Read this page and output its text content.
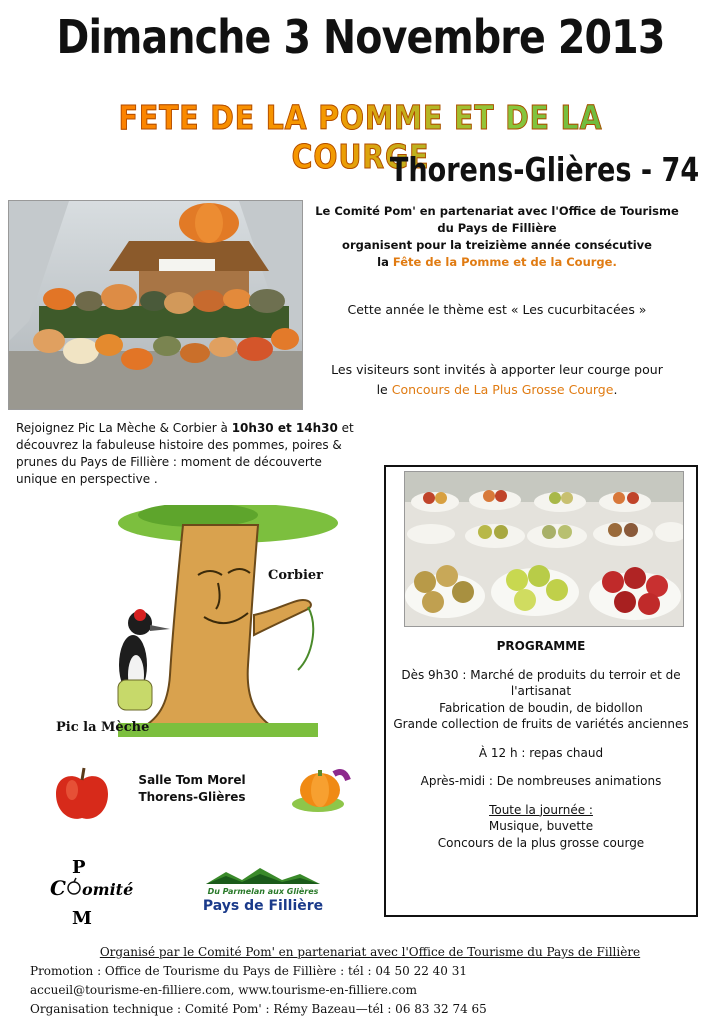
Dimanche 3 Novembre 2013
FETE DE LA POMME ET DE LA COURGE
Thorens-Glières - 74
Le Comité Pom' en partenariat avec l'Office de Tourisme du Pays de Fillière
organisent pour la treizième année consécutive
la Fête de la Pomme et de la Courge.
Cette année le thème est « Les cucurbitacées »
Les visiteurs sont invités à apporter leur courge pour
le Concours de La Plus Grosse Courge.
Rejoignez Pic La Mèche & Corbier à 10h30 et 14h30 et découvrez la fabuleuse histoire des pommes, poires & prunes du Pays de Fillière : moment de découverte unique en perspective .
Corbier
Pic la Mèche
Salle Tom Morel
Thorens-Glières
P
C omité
M
Du Parmelan aux Glières
Pays de Fillière
PROGRAMME
Dès 9h30 : Marché de produits du terroir et de l'artisanat
Fabrication de boudin, de bidollon
Grande collection de fruits de variétés anciennes
À 12 h : repas chaud
Après-midi : De nombreuses animations
Toute la journée :
Musique, buvette
Concours de la plus grosse courge
Organisé par le Comité Pom' en partenariat avec l'Office de Tourisme du Pays de Fillière
Promotion : Office de Tourisme du Pays de Fillière : tél : 04 50 22 40 31
accueil@tourisme-en-filliere.com, www.tourisme-en-filliere.com
Organisation technique : Comité Pom' : Rémy Bazeau—tél : 06 83 32 74 65
